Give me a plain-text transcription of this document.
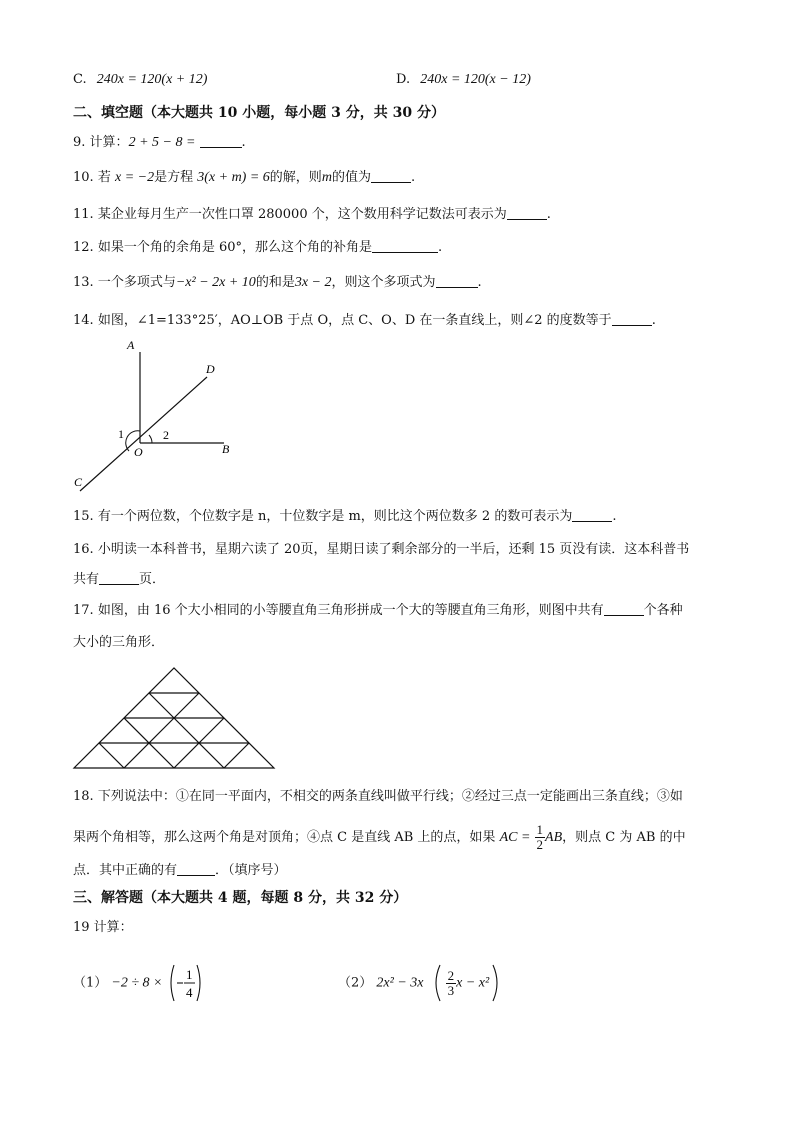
C. 240x = 120(x + 12)	D. 240x = 120(x − 12)
二、填空题（本大题共 10 小题，每小题 3 分，共 30 分）
9. 计算：2 + 5 − 8 =	.
10. 若 x = −2是方程 3(x + m) = 6的解，则m的值为	.
11. 某企业每月生产一次性口罩 280000 个，这个数用科学记数法可表示为	.
12. 如果一个角的余角是 60°，那么这个角的补角是	.
13. 一个多项式与−x² − 2x + 10的和是3x − 2，则这个多项式为	.
14. 如图，∠1=133°25′，AO⊥OB 于点 O，点 C、O、D 在一条直线上，则∠2 的度数等于	.
A
D
B
O
C
1	2
15. 有一个两位数，个位数字是 n，十位数字是 m，则比这个两位数多 2 的数可表示为	.
16. 小明读一本科普书，星期六读了 20页，星期日读了剩余部分的一半后，还剩 15 页没有读．这本科普书
共有	页．
17. 如图，由 16 个大小相同的小等腰直角三角形拼成一个大的等腰直角三角形，则图中共有	个各种
大小的三角形．
18. 下列说法中：①在同一平面内，不相交的两条直线叫做平行线；②经过三点一定能画出三条直线；③如
果两个角相等，那么这两个角是对顶角；④点 C 是直线 AB 上的点，如果 AC = $\frac{1}{2}$ AB，则点 C 为 AB 的中
点．其中正确的有	．（填序号）
三、解答题（本大题共 4 题，每题 8 分，共 32 分）
19 计算：
（1） −2 ÷ 8 ×
1
4
（2） $2x^2 - 3x \frac{2}{3}$ x − x²
